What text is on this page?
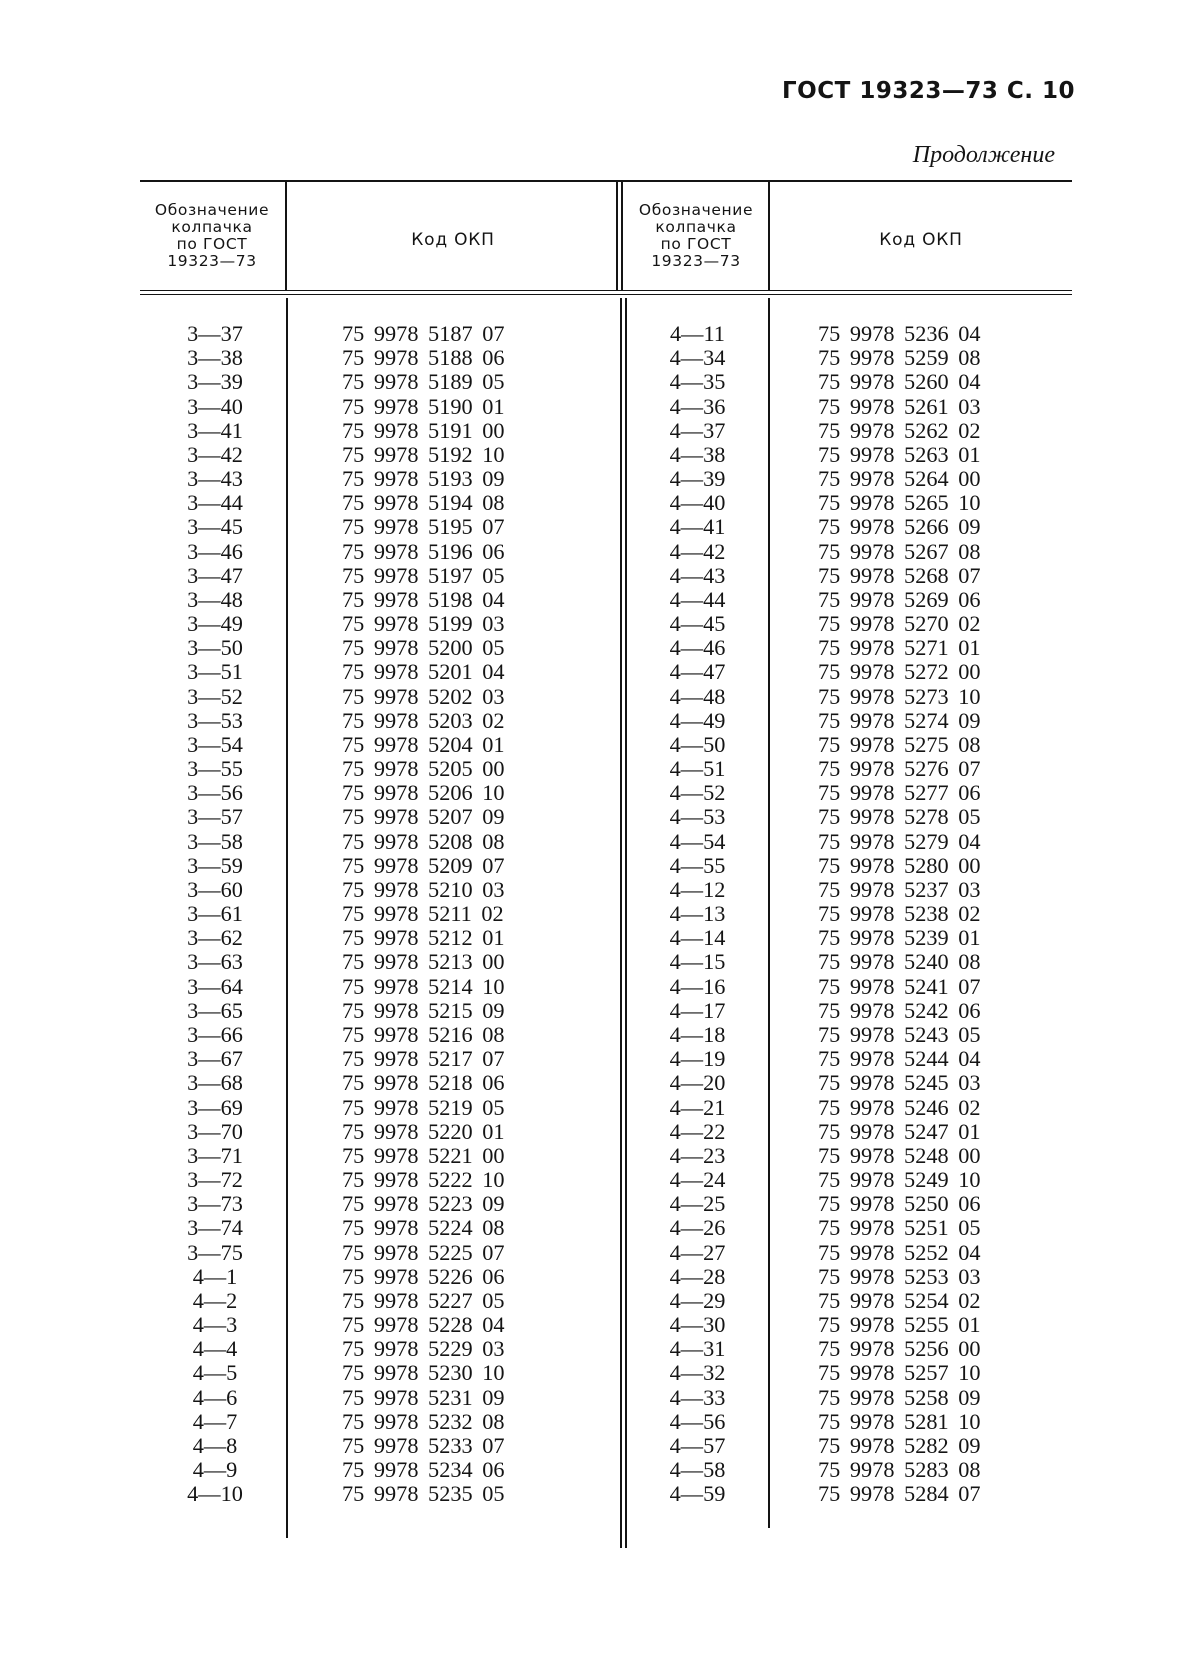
ГОСТ 19323—73 С. 10
Продолжение
Обозначение
колпачка
по ГОСТ
19323—73
Код ОКП
Обозначение
колпачка
по ГОСТ
19323—73
Код ОКП
3—37
3—38
3—39
3—40
3—41
3—42
3—43
3—44
3—45
3—46
3—47
3—48
3—49
3—50
3—51
3—52
3—53
3—54
3—55
3—56
3—57
3—58
3—59
3—60
3—61
3—62
3—63
3—64
3—65
3—66
3—67
3—68
3—69
3—70
3—71
3—72
3—73
3—74
3—75
4—1
4—2
4—3
4—4
4—5
4—6
4—7
4—8
4—9
4—10
75 9978 5187 07
75 9978 5188 06
75 9978 5189 05
75 9978 5190 01
75 9978 5191 00
75 9978 5192 10
75 9978 5193 09
75 9978 5194 08
75 9978 5195 07
75 9978 5196 06
75 9978 5197 05
75 9978 5198 04
75 9978 5199 03
75 9978 5200 05
75 9978 5201 04
75 9978 5202 03
75 9978 5203 02
75 9978 5204 01
75 9978 5205 00
75 9978 5206 10
75 9978 5207 09
75 9978 5208 08
75 9978 5209 07
75 9978 5210 03
75 9978 5211 02
75 9978 5212 01
75 9978 5213 00
75 9978 5214 10
75 9978 5215 09
75 9978 5216 08
75 9978 5217 07
75 9978 5218 06
75 9978 5219 05
75 9978 5220 01
75 9978 5221 00
75 9978 5222 10
75 9978 5223 09
75 9978 5224 08
75 9978 5225 07
75 9978 5226 06
75 9978 5227 05
75 9978 5228 04
75 9978 5229 03
75 9978 5230 10
75 9978 5231 09
75 9978 5232 08
75 9978 5233 07
75 9978 5234 06
75 9978 5235 05
4—11
4—34
4—35
4—36
4—37
4—38
4—39
4—40
4—41
4—42
4—43
4—44
4—45
4—46
4—47
4—48
4—49
4—50
4—51
4—52
4—53
4—54
4—55
4—12
4—13
4—14
4—15
4—16
4—17
4—18
4—19
4—20
4—21
4—22
4—23
4—24
4—25
4—26
4—27
4—28
4—29
4—30
4—31
4—32
4—33
4—56
4—57
4—58
4—59
75 9978 5236 04
75 9978 5259 08
75 9978 5260 04
75 9978 5261 03
75 9978 5262 02
75 9978 5263 01
75 9978 5264 00
75 9978 5265 10
75 9978 5266 09
75 9978 5267 08
75 9978 5268 07
75 9978 5269 06
75 9978 5270 02
75 9978 5271 01
75 9978 5272 00
75 9978 5273 10
75 9978 5274 09
75 9978 5275 08
75 9978 5276 07
75 9978 5277 06
75 9978 5278 05
75 9978 5279 04
75 9978 5280 00
75 9978 5237 03
75 9978 5238 02
75 9978 5239 01
75 9978 5240 08
75 9978 5241 07
75 9978 5242 06
75 9978 5243 05
75 9978 5244 04
75 9978 5245 03
75 9978 5246 02
75 9978 5247 01
75 9978 5248 00
75 9978 5249 10
75 9978 5250 06
75 9978 5251 05
75 9978 5252 04
75 9978 5253 03
75 9978 5254 02
75 9978 5255 01
75 9978 5256 00
75 9978 5257 10
75 9978 5258 09
75 9978 5281 10
75 9978 5282 09
75 9978 5283 08
75 9978 5284 07
